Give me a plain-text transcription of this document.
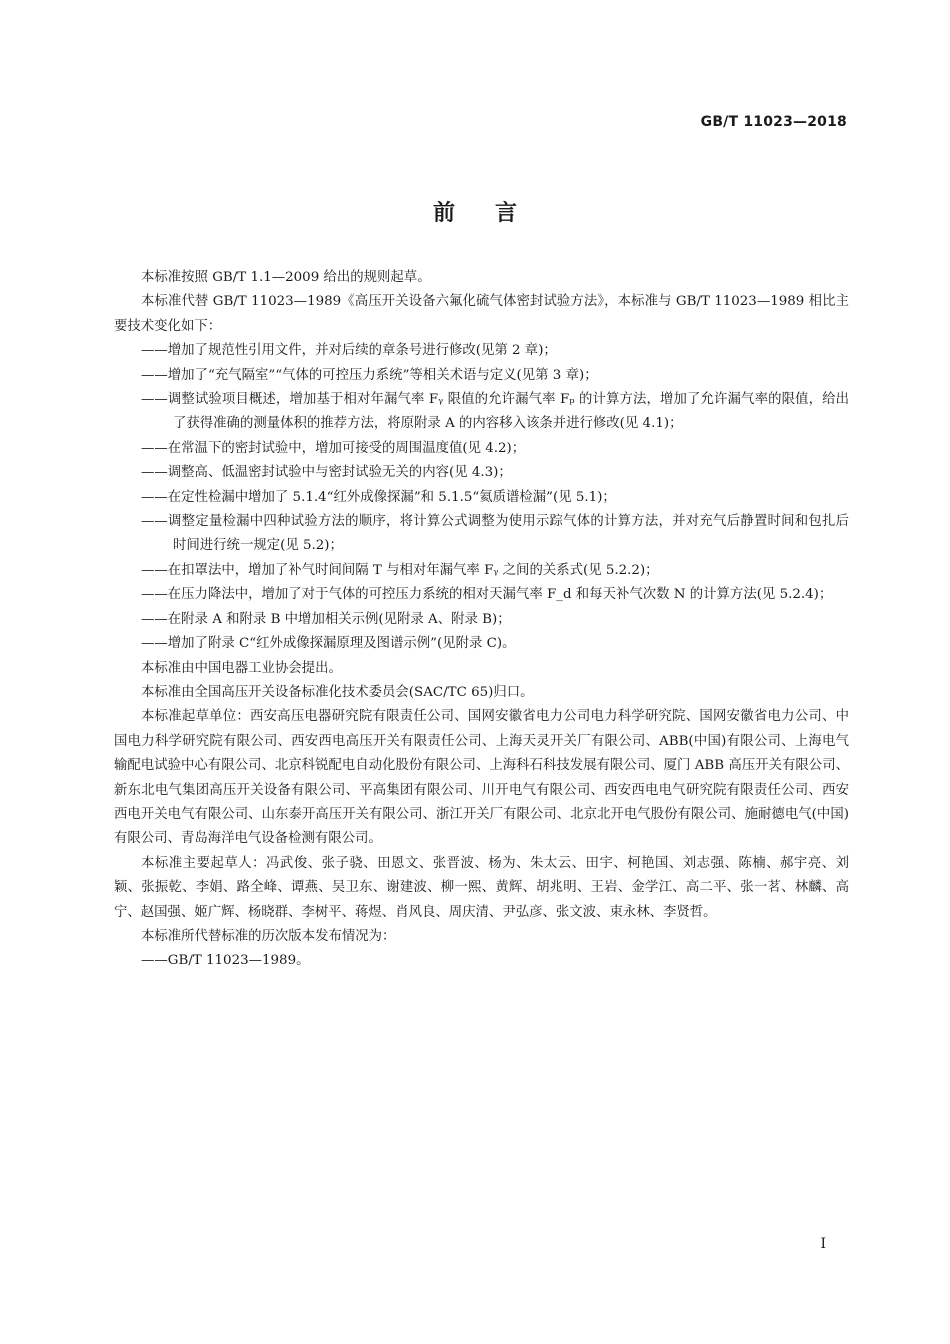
GB/T 11023—2018
前言

本标准按照 GB/T 1.1—2009 给出的规则起草。

本标准代替 GB/T 11023—1989《高压开关设备六氟化硫气体密封试验方法》，本标准与 GB/T 11023—1989 相比主要技术变化如下：

——增加了规范性引用文件，并对后续的章条号进行修改(见第 2 章)；

——增加了“充气隔室”“气体的可控压力系统”等相关术语与定义(见第 3 章)；

——调整试验项目概述，增加基于相对年漏气率 Fᵧ 限值的允许漏气率 Fₚ 的计算方法，增加了允许漏气率的限值，给出了获得准确的测量体积的推荐方法，将原附录 A 的内容移入该条并进行修改(见 4.1)；

——在常温下的密封试验中，增加可接受的周围温度值(见 4.2)；

——调整高、低温密封试验中与密封试验无关的内容(见 4.3)；

——在定性检漏中增加了 5.1.4“红外成像探漏”和 5.1.5“氦质谱检漏”(见 5.1)；

——调整定量检漏中四种试验方法的顺序，将计算公式调整为使用示踪气体的计算方法，并对充气后静置时间和包扎后时间进行统一规定(见 5.2)；

——在扣罩法中，增加了补气时间间隔 T 与相对年漏气率 Fᵧ 之间的关系式(见 5.2.2)；

——在压力降法中，增加了对于气体的可控压力系统的相对天漏气率 F_d 和每天补气次数 N 的计算方法(见 5.2.4)；

——在附录 A 和附录 B 中增加相关示例(见附录 A、附录 B)；

——增加了附录 C“红外成像探漏原理及图谱示例”(见附录 C)。

本标准由中国电器工业协会提出。

本标准由全国高压开关设备标准化技术委员会(SAC/TC 65)归口。

本标准起草单位：西安高压电器研究院有限责任公司、国网安徽省电力公司电力科学研究院、国网安徽省电力公司、中国电力科学研究院有限公司、西安西电高压开关有限责任公司、上海天灵开关厂有限公司、ABB(中国)有限公司、上海电气输配电试验中心有限公司、北京科锐配电自动化股份有限公司、上海科石科技发展有限公司、厦门 ABB 高压开关有限公司、新东北电气集团高压开关设备有限公司、平高集团有限公司、川开电气有限公司、西安西电电气研究院有限责任公司、西安西电开关电气有限公司、山东泰开高压开关有限公司、浙江开关厂有限公司、北京北开电气股份有限公司、施耐德电气(中国)有限公司、青岛海洋电气设备检测有限公司。

本标准主要起草人：冯武俊、张子骁、田恩文、张晋波、杨为、朱太云、田宇、柯艳国、刘志强、陈楠、郝宇亮、刘颖、张振乾、李娟、路全峰、谭燕、吴卫东、谢建波、柳一熙、黄辉、胡兆明、王岩、金学江、高二平、张一茗、林麟、高宁、赵国强、姬广辉、杨晓群、李树平、蒋煜、肖风良、周庆清、尹弘彦、张文波、束永林、李贤哲。

本标准所代替标准的历次版本发布情况为：

——GB/T 11023—1989。

I
